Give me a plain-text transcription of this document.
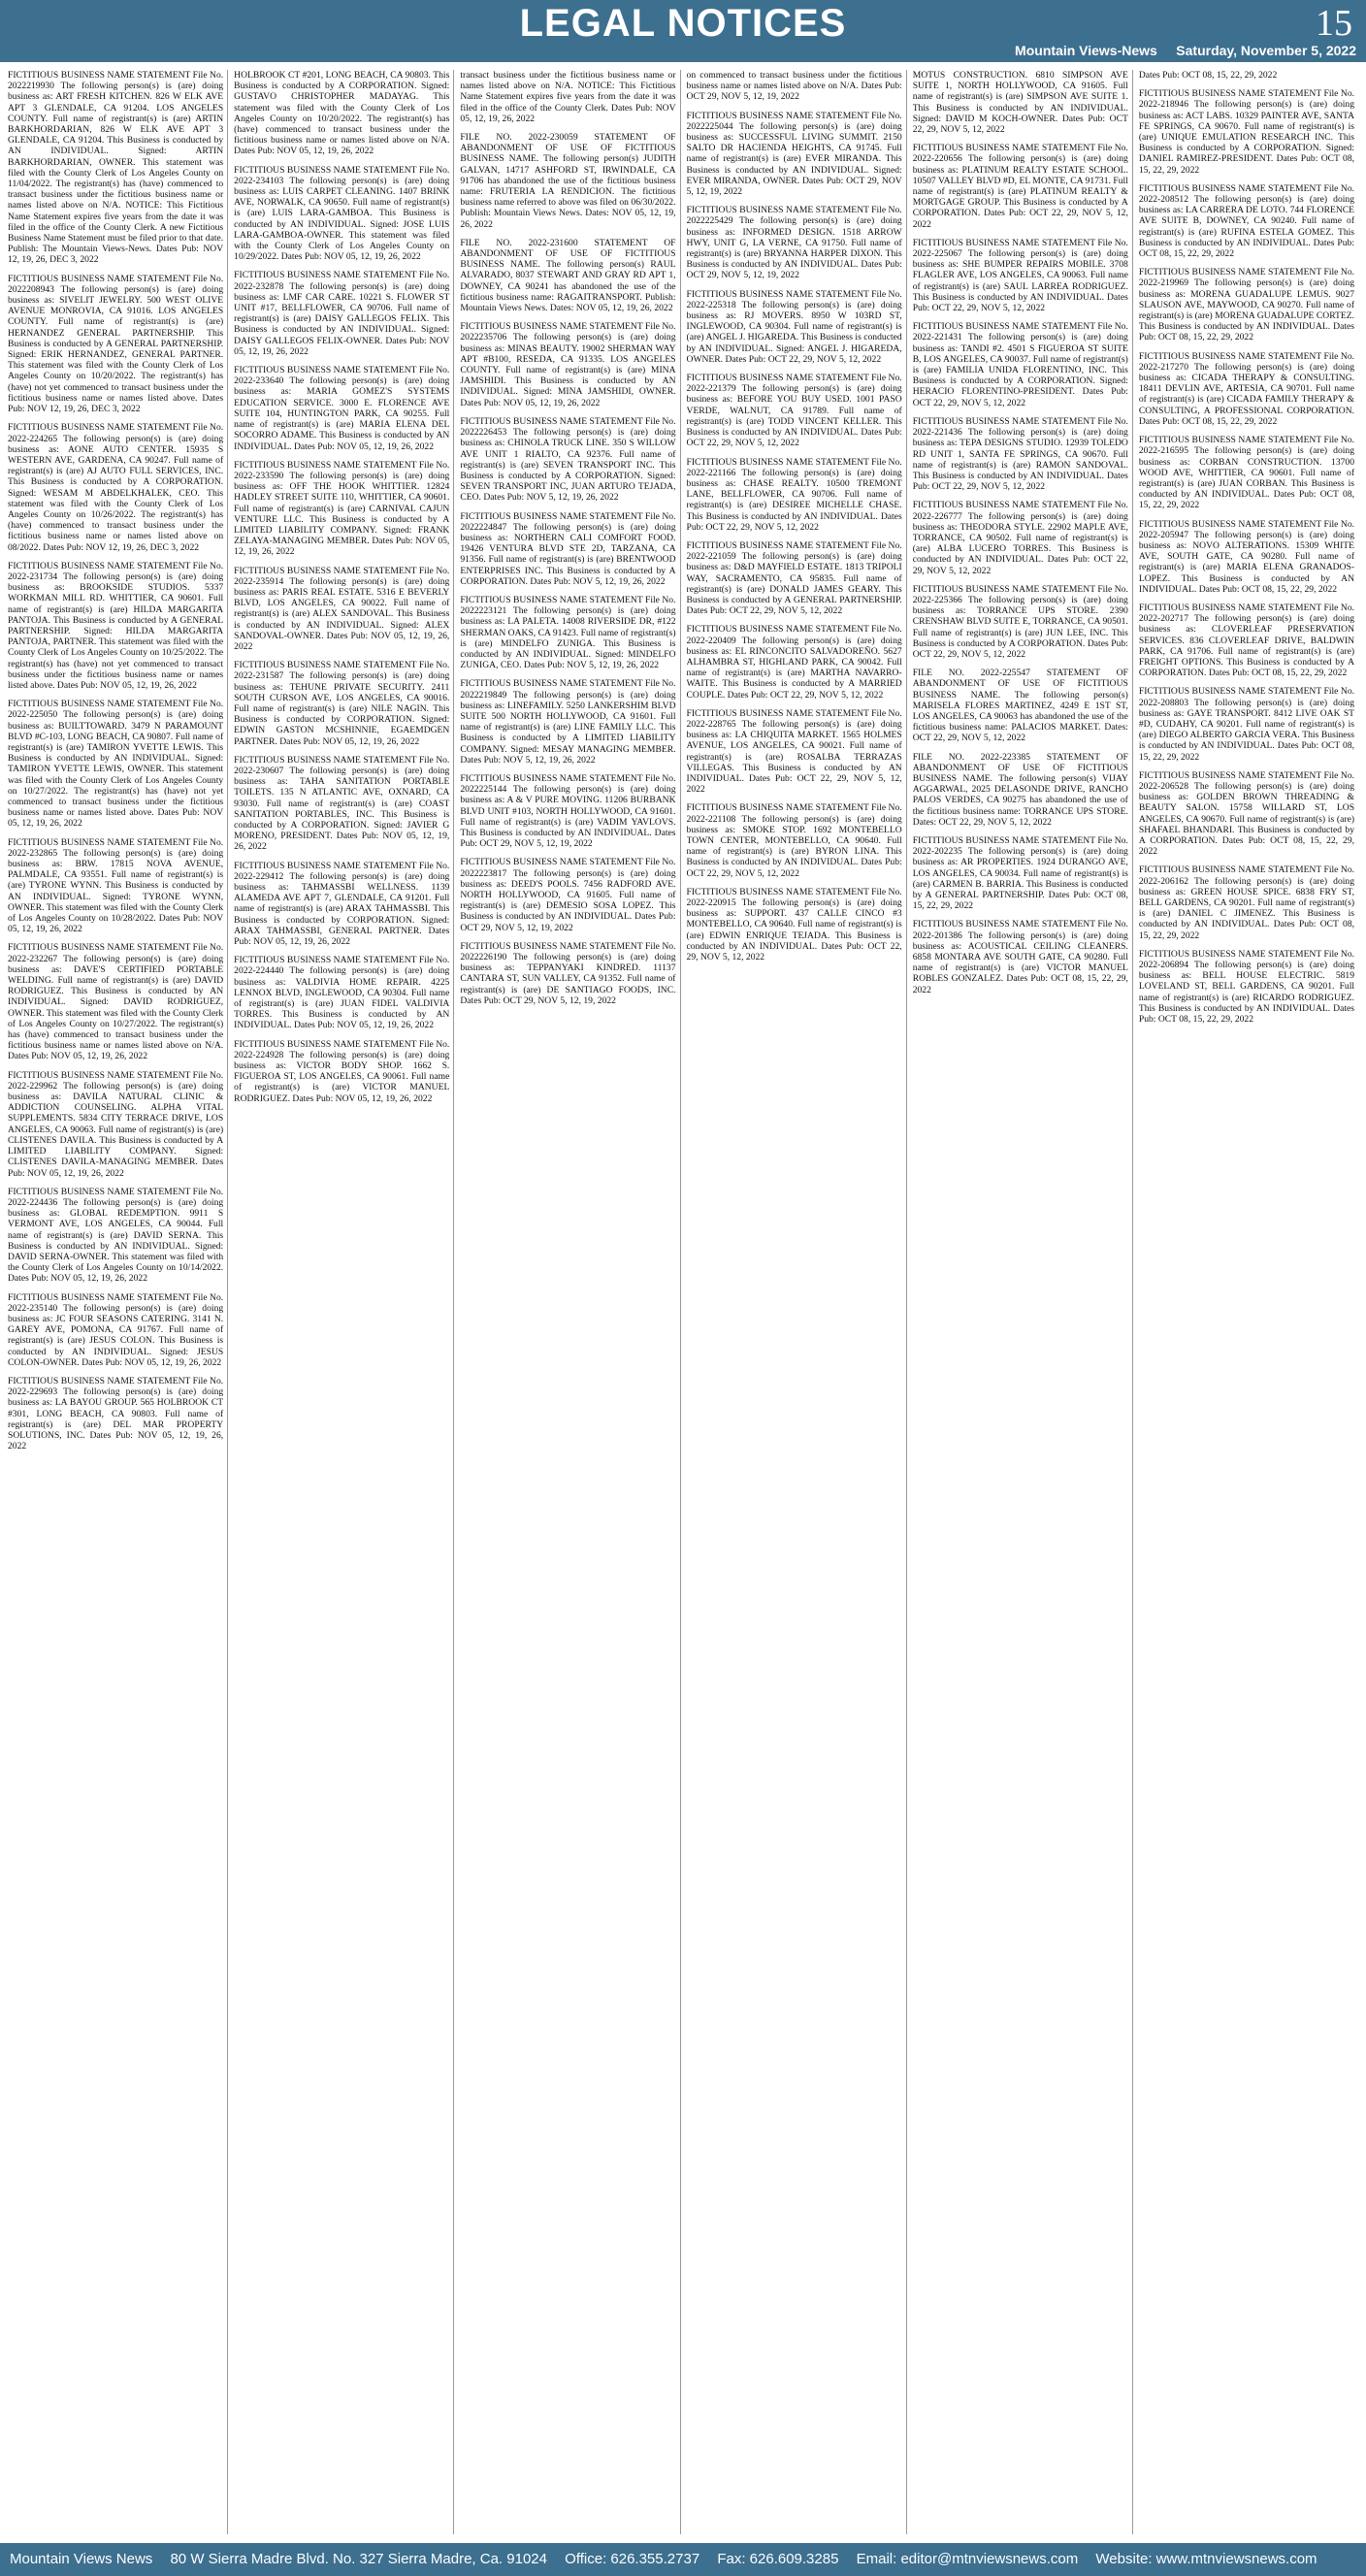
LEGAL NOTICES	15
Mountain Views-News Saturday, November 5, 2022

FICTITIOUS BUSINESS NAME STATEMENT File No. 2022219930 The following person(s) is (are) doing business as: ART FRESH KITCHEN. 826 W ELK AVE APT 3 GLENDALE, CA 91204. LOS ANGELES COUNTY. Full name of registrant(s) is (are) ARTIN BARKHORDARIAN, 826 W ELK AVE APT 3 GLENDALE, CA 91204. This Business is conducted by AN INDIVIDUAL. Signed: ARTIN BARKHORDARIAN, OWNER. This statement was filed with the County Clerk of Los Angeles County on 11/04/2022. The registrant(s) has (have) commenced to transact business under the fictitious business name or names listed above on N/A. NOTICE: This Fictitious Name Statement expires five years from the date it was filed in the office of the County Clerk. A new Fictitious Business Name Statement must be filed prior to that date. Publish: The Mountain Views-News. Dates Pub: NOV 12, 19, 26, DEC 3, 2022

FICTITIOUS BUSINESS NAME STATEMENT File No. 2022208943 The following person(s) is (are) doing business as: SIVELIT JEWELRY. 500 WEST OLIVE AVENUE MONROVIA, CA 91016. LOS ANGELES COUNTY. Full name of registrant(s) is (are) HERNANDEZ GENERAL PARTNERSHIP. This Business is conducted by A GENERAL PARTNERSHIP. Signed: ERIK HERNANDEZ, GENERAL PARTNER. This statement was filed with the County Clerk of Los Angeles County on 10/20/2022. The registrant(s) has (have) not yet commenced to transact business under the fictitious business name or names listed above. Dates Pub: NOV 12, 19, 26, DEC 3, 2022

FICTITIOUS BUSINESS NAME STATEMENT File No. 2022-224265 The following person(s) is (are) doing business as: AONE AUTO CENTER. 15935 S WESTERN AVE, GARDENA, CA 90247. Full name of registrant(s) is (are) AJ AUTO FULL SERVICES, INC. This Business is conducted by A CORPORATION. Signed: WESAM M ABDELKHALEK, CEO. This statement was filed with the County Clerk of Los Angeles County on 10/26/2022. The registrant(s) has (have) commenced to transact business under the fictitious business name or names listed above on 08/2022. Dates Pub: NOV 12, 19, 26, DEC 3, 2022

FICTITIOUS BUSINESS NAME STATEMENT File No. 2022-231734 The following person(s) is (are) doing business as: BROOKSIDE STUDIOS. 5337 WORKMAN MILL RD. WHITTIER, CA 90601. Full name of registrant(s) is (are) HILDA MARGARITA PANTOJA. This Business is conducted by A GENERAL PARTNERSHIP. Signed: HILDA MARGARITA PANTOJA, PARTNER. This statement was filed with the County Clerk of Los Angeles County on 10/25/2022. The registrant(s) has (have) not yet commenced to transact business under the fictitious business name or names listed above. Dates Pub: NOV 05, 12, 19, 26, 2022

FICTITIOUS BUSINESS NAME STATEMENT File No. 2022-225050 The following person(s) is (are) doing business as: BUILTTOWARD. 3479 N PARAMOUNT BLVD #C-103, LONG BEACH, CA 90807. Full name of registrant(s) is (are) TAMIRON YVETTE LEWIS. This Business is conducted by AN INDIVIDUAL. Signed: TAMIRON YVETTE LEWIS, OWNER. This statement was filed with the County Clerk of Los Angeles County on 10/27/2022. The registrant(s) has (have) not yet commenced to transact business under the fictitious business name or names listed above. Dates Pub: NOV 05, 12, 19, 26, 2022

FICTITIOUS BUSINESS NAME STATEMENT File No. 2022-232865 The following person(s) is (are) doing business as: BRW. 17815 NOVA AVENUE, PALMDALE, CA 93551. Full name of registrant(s) is (are) TYRONE WYNN. This Business is conducted by AN INDIVIDUAL. Signed: TYRONE WYNN, OWNER. This statement was filed with the County Clerk of Los Angeles County on 10/28/2022. Dates Pub: NOV 05, 12, 19, 26, 2022

FICTITIOUS BUSINESS NAME STATEMENT File No. 2022-232267 The following person(s) is (are) doing business as: DAVE'S CERTIFIED PORTABLE WELDING. Full name of registrant(s) is (are) DAVID RODRIGUEZ. This Business is conducted by AN INDIVIDUAL. Signed: DAVID RODRIGUEZ, OWNER. This statement was filed with the County Clerk of Los Angeles County on 10/27/2022. The registrant(s) has (have) commenced to transact business under the fictitious business name or names listed above on N/A. Dates Pub: NOV 05, 12, 19, 26, 2022

FICTITIOUS BUSINESS NAME STATEMENT File No. 2022-229962 The following person(s) is (are) doing business as: DAVILA NATURAL CLINIC & ADDICTION COUNSELING. ALPHA VITAL SUPPLEMENTS. 5834 CITY TERRACE DRIVE, LOS ANGELES, CA 90063. Full name of registrant(s) is (are) CLISTENES DAVILA. This Business is conducted by A LIMITED LIABILITY COMPANY. Signed: CLISTENES DAVILA-MANAGING MEMBER. Dates Pub: NOV 05, 12, 19, 26, 2022

FICTITIOUS BUSINESS NAME STATEMENT File No. 2022-224436 The following person(s) is (are) doing business as: GLOBAL REDEMPTION. 9911 S VERMONT AVE, LOS ANGELES, CA 90044. Full name of registrant(s) is (are) DAVID SERNA. This Business is conducted by AN INDIVIDUAL. Signed: DAVID SERNA-OWNER. This statement was filed with the County Clerk of Los Angeles County on 10/14/2022. Dates Pub: NOV 05, 12, 19, 26, 2022

FICTITIOUS BUSINESS NAME STATEMENT File No. 2022-235140 The following person(s) is (are) doing business as: JC FOUR SEASONS CATERING. 3141 N. GAREY AVE, POMONA, CA 91767. Full name of registrant(s) is (are) JESUS COLON. This Business is conducted by AN INDIVIDUAL. Signed: JESUS COLON-OWNER. Dates Pub: NOV 05, 12, 19, 26, 2022

FICTITIOUS BUSINESS NAME STATEMENT File No. 2022-229693 The following person(s) is (are) doing business as: LA BAYOU GROUP. 565 HOLBROOK CT #301, LONG BEACH, CA 90803. Full name of registrant(s) is (are) DEL MAR PROPERTY SOLUTIONS, INC. Dates Pub: NOV 05, 12, 19, 26, 2022

HOLBROOK CT #201, LONG BEACH, CA 90803. This Business is conducted by A CORPORATION. Signed: GUSTAVO CHRISTOPHER MADAYAG. This statement was filed with the County Clerk of Los Angeles County on 10/20/2022. The registrant(s) has (have) commenced to transact business under the fictitious business name or names listed above on N/A. Dates Pub: NOV 05, 12, 19, 26, 2022

FICTITIOUS BUSINESS NAME STATEMENT File No. 2022-234103 The following person(s) is (are) doing business as: LUIS CARPET CLEANING. 1407 BRINK AVE, NORWALK, CA 90650. Full name of registrant(s) is (are) LUIS LARA-GAMBOA. This Business is conducted by AN INDIVIDUAL. Signed: JOSE LUIS LARA-GAMBOA-OWNER. This statement was filed with the County Clerk of Los Angeles County on 10/29/2022. Dates Pub: NOV 05, 12, 19, 26, 2022

FICTITIOUS BUSINESS NAME STATEMENT File No. 2022-232878 The following person(s) is (are) doing business as: LMF CAR CARE. 10221 S. FLOWER ST UNIT #17, BELLFLOWER, CA 90706. Full name of registrant(s) is (are) DAISY GALLEGOS FELIX. This Business is conducted by AN INDIVIDUAL. Signed: DAISY GALLEGOS FELIX-OWNER. Dates Pub: NOV 05, 12, 19, 26, 2022

FICTITIOUS BUSINESS NAME STATEMENT File No. 2022-233640 The following person(s) is (are) doing business as: MARIA GOMEZ'S SYSTEMS EDUCATION SERVICE. 3000 E. FLORENCE AVE SUITE 104, HUNTINGTON PARK, CA 90255. Full name of registrant(s) is (are) MARIA ELENA DEL SOCORRO ADAME. This Business is conducted by AN INDIVIDUAL. Dates Pub: NOV 05, 12, 19, 26, 2022

FICTITIOUS BUSINESS NAME STATEMENT File No. 2022-233590 The following person(s) is (are) doing business as: OFF THE HOOK WHITTIER. 12824 HADLEY STREET SUITE 110, WHITTIER, CA 90601. Full name of registrant(s) is (are) CARNIVAL CAJUN VENTURE LLC. This Business is conducted by A LIMITED LIABILITY COMPANY. Signed: FRANK ZELAYA-MANAGING MEMBER. Dates Pub: NOV 05, 12, 19, 26, 2022

FICTITIOUS BUSINESS NAME STATEMENT File No. 2022-235914 The following person(s) is (are) doing business as: PARIS REAL ESTATE. 5316 E BEVERLY BLVD, LOS ANGELES, CA 90022. Full name of registrant(s) is (are) ALEX SANDOVAL. This Business is conducted by AN INDIVIDUAL. Signed: ALEX SANDOVAL-OWNER. Dates Pub: NOV 05, 12, 19, 26, 2022

FICTITIOUS BUSINESS NAME STATEMENT File No. 2022-231587 The following person(s) is (are) doing business as: TEHUNE PRIVATE SECURITY. 2411 SOUTH CURSON AVE, LOS ANGELES, CA 90016. Full name of registrant(s) is (are) NILE NAGIN. This Business is conducted by CORPORATION. Signed: EDWIN GASTON MCSHINNIE, EGAEMDGEN PARTNER. Dates Pub: NOV 05, 12, 19, 26, 2022

FICTITIOUS BUSINESS NAME STATEMENT File No. 2022-230607 The following person(s) is (are) doing business as: TAHA SANITATION PORTABLE TOILETS. 135 N ATLANTIC AVE, OXNARD, CA 93030. Full name of registrant(s) is (are) COAST SANITATION PORTABLES, INC. This Business is conducted by A CORPORATION. Signed: JAVIER G MORENO, PRESIDENT. Dates Pub: NOV 05, 12, 19, 26, 2022

FICTITIOUS BUSINESS NAME STATEMENT File No. 2022-229412 The following person(s) is (are) doing business as: TAHMASSBI WELLNESS. 1139 ALAMEDA AVE APT 7, GLENDALE, CA 91201. Full name of registrant(s) is (are) ARAX TAHMASSBI. This Business is conducted by CORPORATION. Signed: ARAX TAHMASSBI, GENERAL PARTNER. Dates Pub: NOV 05, 12, 19, 26, 2022

FICTITIOUS BUSINESS NAME STATEMENT File No. 2022-224440 The following person(s) is (are) doing business as: VALDIVIA HOME REPAIR. 4225 LENNOX BLVD, INGLEWOOD, CA 90304. Full name of registrant(s) is (are) JUAN FIDEL VALDIVIA TORRES. This Business is conducted by AN INDIVIDUAL. Dates Pub: NOV 05, 12, 19, 26, 2022

FICTITIOUS BUSINESS NAME STATEMENT File No. 2022-224928 The following person(s) is (are) doing business as: VICTOR BODY SHOP. 1662 S. FIGUEROA ST, LOS ANGELES, CA 90061. Full name of registrant(s) is (are) VICTOR MANUEL RODRIGUEZ. Dates Pub: NOV 05, 12, 19, 26, 2022

transact business under the fictitious business name or names listed above on N/A. NOTICE: This Fictitious Name Statement expires five years from the date it was filed in the office of the County Clerk. Dates Pub: NOV 05, 12, 19, 26, 2022

FILE NO. 2022-230059 STATEMENT OF ABANDONMENT OF USE OF FICTITIOUS BUSINESS NAME. The following person(s) JUDITH GALVAN, 14717 ASHFORD ST, IRWINDALE, CA 91706 has abandoned the use of the fictitious business name: FRUTERIA LA RENDICION. The fictitious business name referred to above was filed on 06/30/2022. Publish: Mountain Views News. Dates: NOV 05, 12, 19, 26, 2022

FILE NO. 2022-231600 STATEMENT OF ABANDONMENT OF USE OF FICTITIOUS BUSINESS NAME. The following person(s) RAUL ALVARADO, 8037 STEWART AND GRAY RD APT 1, DOWNEY, CA 90241 has abandoned the use of the fictitious business name: RAGAITRANSPORT. Publish: Mountain Views News. Dates: NOV 05, 12, 19, 26, 2022

FICTITIOUS BUSINESS NAME STATEMENT File No. 2022235706 The following person(s) is (are) doing business as: MINAS BEAUTY. 19002 SHERMAN WAY APT #B100, RESEDA, CA 91335. LOS ANGELES COUNTY. Full name of registrant(s) is (are) MINA JAMSHIDI. This Business is conducted by AN INDIVIDUAL. Signed: MINA JAMSHIDI, OWNER. Dates Pub: NOV 05, 12, 19, 26, 2022

FICTITIOUS BUSINESS NAME STATEMENT File No. 2022226453 The following person(s) is (are) doing business as: CHINOLA TRUCK LINE. 350 S WILLOW AVE UNIT 1 RIALTO, CA 92376. Full name of registrant(s) is (are) SEVEN TRANSPORT INC. This Business is conducted by A CORPORATION. Signed: SEVEN TRANSPORT INC, JUAN ARTURO TEJADA, CEO. Dates Pub: NOV 5, 12, 19, 26, 2022

FICTITIOUS BUSINESS NAME STATEMENT File No. 2022224847 The following person(s) is (are) doing business as: NORTHERN CALI COMFORT FOOD. 19426 VENTURA BLVD STE 2D, TARZANA, CA 91356. Full name of registrant(s) is (are) BRENTWOOD ENTERPRISES INC. This Business is conducted by A CORPORATION. Dates Pub: NOV 5, 12, 19, 26, 2022

FICTITIOUS BUSINESS NAME STATEMENT File No. 2022223121 The following person(s) is (are) doing business as: LA PALETA. 14008 RIVERSIDE DR, #122 SHERMAN OAKS, CA 91423. Full name of registrant(s) is (are) MINDELFO ZUNIGA. This Business is conducted by AN INDIVIDUAL. Signed: MINDELFO ZUNIGA, CEO. Dates Pub: NOV 5, 12, 19, 26, 2022

FICTITIOUS BUSINESS NAME STATEMENT File No. 2022219849 The following person(s) is (are) doing business as: LINEFAMILY. 5250 LANKERSHIM BLVD SUITE 500 NORTH HOLLYWOOD, CA 91601. Full name of registrant(s) is (are) LINE FAMILY LLC. This Business is conducted by A LIMITED LIABILITY COMPANY. Signed: MESAY MANAGING MEMBER. Dates Pub: NOV 5, 12, 19, 26, 2022

FICTITIOUS BUSINESS NAME STATEMENT File No. 2022225144 The following person(s) is (are) doing business as: A & V PURE MOVING. 11206 BURBANK BLVD UNIT #103, NORTH HOLLYWOOD, CA 91601. Full name of registrant(s) is (are) VADIM YAVLOVS. This Business is conducted by AN INDIVIDUAL. Dates Pub: OCT 29, NOV 5, 12, 19, 2022

FICTITIOUS BUSINESS NAME STATEMENT File No. 2022223817 The following person(s) is (are) doing business as: DEED'S POOLS. 7456 RADFORD AVE. NORTH HOLLYWOOD, CA 91605. Full name of registrant(s) is (are) DEMESIO SOSA LOPEZ. This Business is conducted by AN INDIVIDUAL. Dates Pub: OCT 29, NOV 5, 12, 19, 2022

FICTITIOUS BUSINESS NAME STATEMENT File No. 2022226190 The following person(s) is (are) doing business as: TEPPANYAKI KINDRED. 11137 CANTARA ST, SUN VALLEY, CA 91352. Full name of registrant(s) is (are) DE SANTIAGO FOODS, INC. Dates Pub: OCT 29, NOV 5, 12, 19, 2022

on commenced to transact business under the fictitious business name or names listed above on N/A. Dates Pub: OCT 29, NOV 5, 12, 19, 2022

FICTITIOUS BUSINESS NAME STATEMENT File No. 2022225044 The following person(s) is (are) doing business as: SUCCESSFUL LIVING SUMMIT. 2150 SALTO DR HACIENDA HEIGHTS, CA 91745. Full name of registrant(s) is (are) EVER MIRANDA. This Business is conducted by AN INDIVIDUAL. Signed: EVER MIRANDA, OWNER. Dates Pub: OCT 29, NOV 5, 12, 19, 2022

FICTITIOUS BUSINESS NAME STATEMENT File No. 2022225429 The following person(s) is (are) doing business as: INFORMED DESIGN. 1518 ARROW HWY, UNIT G, LA VERNE, CA 91750. Full name of registrant(s) is (are) BRYANNA HARPER DIXON. This Business is conducted by AN INDIVIDUAL. Dates Pub: OCT 29, NOV 5, 12, 19, 2022

FICTITIOUS BUSINESS NAME STATEMENT File No. 2022-225318 The following person(s) is (are) doing business as: RJ MOVERS. 8950 W 103RD ST, INGLEWOOD, CA 90304. Full name of registrant(s) is (are) ANGEL J. HIGAREDA. This Business is conducted by AN INDIVIDUAL. Signed: ANGEL J. HIGAREDA, OWNER. Dates Pub: OCT 22, 29, NOV 5, 12, 2022

FICTITIOUS BUSINESS NAME STATEMENT File No. 2022-221379 The following person(s) is (are) doing business as: BEFORE YOU BUY USED. 1001 PASO VERDE, WALNUT, CA 91789. Full name of registrant(s) is (are) TODD VINCENT KELLER. This Business is conducted by AN INDIVIDUAL. Dates Pub: OCT 22, 29, NOV 5, 12, 2022

FICTITIOUS BUSINESS NAME STATEMENT File No. 2022-221166 The following person(s) is (are) doing business as: CHASE REALTY. 10500 TREMONT LANE, BELLFLOWER, CA 90706. Full name of registrant(s) is (are) DESIREE MICHELLE CHASE. This Business is conducted by AN INDIVIDUAL. Dates Pub: OCT 22, 29, NOV 5, 12, 2022

FICTITIOUS BUSINESS NAME STATEMENT File No. 2022-221059 The following person(s) is (are) doing business as: D&D MAYFIELD ESTATE. 1813 TRIPOLI WAY, SACRAMENTO, CA 95835. Full name of registrant(s) is (are) DONALD JAMES GEARY. This Business is conducted by A GENERAL PARTNERSHIP. Dates Pub: OCT 22, 29, NOV 5, 12, 2022

FICTITIOUS BUSINESS NAME STATEMENT File No. 2022-220409 The following person(s) is (are) doing business as: EL RINCONCITO SALVADOREÑO. 5627 ALHAMBRA ST, HIGHLAND PARK, CA 90042. Full name of registrant(s) is (are) MARTHA NAVARRO-WAITE. This Business is conducted by A MARRIED COUPLE. Dates Pub: OCT 22, 29, NOV 5, 12, 2022

FICTITIOUS BUSINESS NAME STATEMENT File No. 2022-228765 The following person(s) is (are) doing business as: LA CHIQUITA MARKET. 1565 HOLMES AVENUE, LOS ANGELES, CA 90021. Full name of registrant(s) is (are) ROSALBA TERRAZAS VILLEGAS. This Business is conducted by AN INDIVIDUAL. Dates Pub: OCT 22, 29, NOV 5, 12, 2022

FICTITIOUS BUSINESS NAME STATEMENT File No. 2022-221108 The following person(s) is (are) doing business as: SMOKE STOP. 1692 MONTEBELLO TOWN CENTER, MONTEBELLO, CA 90640. Full name of registrant(s) is (are) BYRON LINA. This Business is conducted by AN INDIVIDUAL. Dates Pub: OCT 22, 29, NOV 5, 12, 2022

FICTITIOUS BUSINESS NAME STATEMENT File No. 2022-220915 The following person(s) is (are) doing business as: SUPPORT. 437 CALLE CINCO #3 MONTEBELLO, CA 90640. Full name of registrant(s) is (are) EDWIN ENRIQUE TEJADA. This Business is conducted by AN INDIVIDUAL. Dates Pub: OCT 22, 29, NOV 5, 12, 2022

MOTUS CONSTRUCTION. 6810 SIMPSON AVE SUITE 1, NORTH HOLLYWOOD, CA 91605. Full name of registrant(s) is (are) SIMPSON AVE SUITE 1. This Business is conducted by AN INDIVIDUAL. Signed: DAVID M KOCH-OWNER. Dates Pub: OCT 22, 29, NOV 5, 12, 2022

FICTITIOUS BUSINESS NAME STATEMENT File No. 2022-220656 The following person(s) is (are) doing business as: PLATINUM REALTY ESTATE SCHOOL. 10507 VALLEY BLVD #D, EL MONTE, CA 91731. Full name of registrant(s) is (are) PLATINUM REALTY & MORTGAGE GROUP. This Business is conducted by A CORPORATION. Dates Pub: OCT 22, 29, NOV 5, 12, 2022

FICTITIOUS BUSINESS NAME STATEMENT File No. 2022-225067 The following person(s) is (are) doing business as: SHE BUMPER REPAIRS MOBILE. 3708 FLAGLER AVE, LOS ANGELES, CA 90063. Full name of registrant(s) is (are) SAUL LARREA RODRIGUEZ. This Business is conducted by AN INDIVIDUAL. Dates Pub: OCT 22, 29, NOV 5, 12, 2022

FICTITIOUS BUSINESS NAME STATEMENT File No. 2022-221431 The following person(s) is (are) doing business as: TANDI #2. 4501 S FIGUEROA ST SUITE B, LOS ANGELES, CA 90037. Full name of registrant(s) is (are) FAMILIA UNIDA FLORENTINO, INC. This Business is conducted by A CORPORATION. Signed: HERACIO FLORENTINO-PRESIDENT. Dates Pub: OCT 22, 29, NOV 5, 12, 2022

FICTITIOUS BUSINESS NAME STATEMENT File No. 2022-221436 The following person(s) is (are) doing business as: TEPA DESIGNS STUDIO. 12939 TOLEDO RD UNIT 1, SANTA FE SPRINGS, CA 90670. Full name of registrant(s) is (are) RAMON SANDOVAL. This Business is conducted by AN INDIVIDUAL. Dates Pub: OCT 22, 29, NOV 5, 12, 2022

FICTITIOUS BUSINESS NAME STATEMENT File No. 2022-226777 The following person(s) is (are) doing business as: THEODORA STYLE. 22902 MAPLE AVE, TORRANCE, CA 90502. Full name of registrant(s) is (are) ALBA LUCERO TORRES. This Business is conducted by AN INDIVIDUAL. Dates Pub: OCT 22, 29, NOV 5, 12, 2022

FICTITIOUS BUSINESS NAME STATEMENT File No. 2022-225366 The following person(s) is (are) doing business as: TORRANCE UPS STORE. 2390 CRENSHAW BLVD SUITE E, TORRANCE, CA 90501. Full name of registrant(s) is (are) JUN LEE, INC. This Business is conducted by A CORPORATION. Dates Pub: OCT 22, 29, NOV 5, 12, 2022

FILE NO. 2022-225547 STATEMENT OF ABANDONMENT OF USE OF FICTITIOUS BUSINESS NAME. The following person(s) MARISELA FLORES MARTINEZ, 4249 E 1ST ST, LOS ANGELES, CA 90063 has abandoned the use of the fictitious business name: PALACIOS MARKET. Dates: OCT 22, 29, NOV 5, 12, 2022

FILE NO. 2022-223385 STATEMENT OF ABANDONMENT OF USE OF FICTITIOUS BUSINESS NAME. The following person(s) VIJAY AGGARWAL, 2025 DELASONDE DRIVE, RANCHO PALOS VERDES, CA 90275 has abandoned the use of the fictitious business name: TORRANCE UPS STORE. Dates: OCT 22, 29, NOV 5, 12, 2022

FICTITIOUS BUSINESS NAME STATEMENT File No. 2022-202235 The following person(s) is (are) doing business as: AR PROPERTIES. 1924 DURANGO AVE, LOS ANGELES, CA 90034. Full name of registrant(s) is (are) CARMEN B. BARRIA. This Business is conducted by A GENERAL PARTNERSHIP. Dates Pub: OCT 08, 15, 22, 29, 2022

FICTITIOUS BUSINESS NAME STATEMENT File No. 2022-201386 The following person(s) is (are) doing business as: ACOUSTICAL CEILING CLEANERS. 6858 MONTARA AVE SOUTH GATE, CA 90280. Full name of registrant(s) is (are) VICTOR MANUEL ROBLES GONZALEZ. Dates Pub: OCT 08, 15, 22, 29, 2022

Dates Pub: OCT 08, 15, 22, 29, 2022

FICTITIOUS BUSINESS NAME STATEMENT File No. 2022-218946 The following person(s) is (are) doing business as: ACT LABS. 10329 PAINTER AVE, SANTA FE SPRINGS, CA 90670. Full name of registrant(s) is (are) UNIQUE EMULATION RESEARCH INC. This Business is conducted by A CORPORATION. Signed: DANIEL RAMIREZ-PRESIDENT. Dates Pub: OCT 08, 15, 22, 29, 2022

FICTITIOUS BUSINESS NAME STATEMENT File No. 2022-208512 The following person(s) is (are) doing business as: LA CARRERA DE LOTO. 744 FLORENCE AVE SUITE B, DOWNEY, CA 90240. Full name of registrant(s) is (are) RUFINA ESTELA GOMEZ. This Business is conducted by AN INDIVIDUAL. Dates Pub: OCT 08, 15, 22, 29, 2022

FICTITIOUS BUSINESS NAME STATEMENT File No. 2022-219969 The following person(s) is (are) doing business as: MORENA GUADALUPE LEMUS. 9027 SLAUSON AVE, MAYWOOD, CA 90270. Full name of registrant(s) is (are) MORENA GUADALUPE CORTEZ. This Business is conducted by AN INDIVIDUAL. Dates Pub: OCT 08, 15, 22, 29, 2022

FICTITIOUS BUSINESS NAME STATEMENT File No. 2022-217270 The following person(s) is (are) doing business as: CICADA THERAPY & CONSULTING. 18411 DEVLIN AVE, ARTESIA, CA 90701. Full name of registrant(s) is (are) CICADA FAMILY THERAPY & CONSULTING, A PROFESSIONAL CORPORATION. Dates Pub: OCT 08, 15, 22, 29, 2022

FICTITIOUS BUSINESS NAME STATEMENT File No. 2022-216595 The following person(s) is (are) doing business as: CORBAN CONSTRUCTION. 13700 WOOD AVE, WHITTIER, CA 90601. Full name of registrant(s) is (are) JUAN CORBAN. This Business is conducted by AN INDIVIDUAL. Dates Pub: OCT 08, 15, 22, 29, 2022

FICTITIOUS BUSINESS NAME STATEMENT File No. 2022-205947 The following person(s) is (are) doing business as: NOVO ALTERATIONS. 15309 WHITE AVE, SOUTH GATE, CA 90280. Full name of registrant(s) is (are) MARIA ELENA GRANADOS-LOPEZ. This Business is conducted by AN INDIVIDUAL. Dates Pub: OCT 08, 15, 22, 29, 2022

FICTITIOUS BUSINESS NAME STATEMENT File No. 2022-202717 The following person(s) is (are) doing business as: CLOVERLEAF PRESERVATION SERVICES. 836 CLOVERLEAF DRIVE, BALDWIN PARK, CA 91706. Full name of registrant(s) is (are) FREIGHT OPTIONS. This Business is conducted by A CORPORATION. Dates Pub: OCT 08, 15, 22, 29, 2022

FICTITIOUS BUSINESS NAME STATEMENT File No. 2022-208803 The following person(s) is (are) doing business as: GAYE TRANSPORT. 8412 LIVE OAK ST #D, CUDAHY, CA 90201. Full name of registrant(s) is (are) DIEGO ALBERTO GARCIA VERA. This Business is conducted by AN INDIVIDUAL. Dates Pub: OCT 08, 15, 22, 29, 2022

FICTITIOUS BUSINESS NAME STATEMENT File No. 2022-206528 The following person(s) is (are) doing business as: GOLDEN BROWN THREADING & BEAUTY SALON. 15758 WILLARD ST, LOS ANGELES, CA 90670. Full name of registrant(s) is (are) SHAFAEL BHANDARI. This Business is conducted by A CORPORATION. Dates Pub: OCT 08, 15, 22, 29, 2022

FICTITIOUS BUSINESS NAME STATEMENT File No. 2022-206162 The following person(s) is (are) doing business as: GREEN HOUSE SPICE. 6838 FRY ST, BELL GARDENS, CA 90201. Full name of registrant(s) is (are) DANIEL C JIMENEZ. This Business is conducted by AN INDIVIDUAL. Dates Pub: OCT 08, 15, 22, 29, 2022

FICTITIOUS BUSINESS NAME STATEMENT File No. 2022-206894 The following person(s) is (are) doing business as: BELL HOUSE ELECTRIC. 5819 LOVELAND ST, BELL GARDENS, CA 90201. Full name of registrant(s) is (are) RICARDO RODRIGUEZ. This Business is conducted by AN INDIVIDUAL. Dates Pub: OCT 08, 15, 22, 29, 2022

Mountain Views News 80 W Sierra Madre Blvd. No. 327 Sierra Madre, Ca. 91024 Office: 626.355.2737 Fax: 626.609.3285 Email: editor@mtnviewsnews.com Website: www.mtnviewsnews.com
